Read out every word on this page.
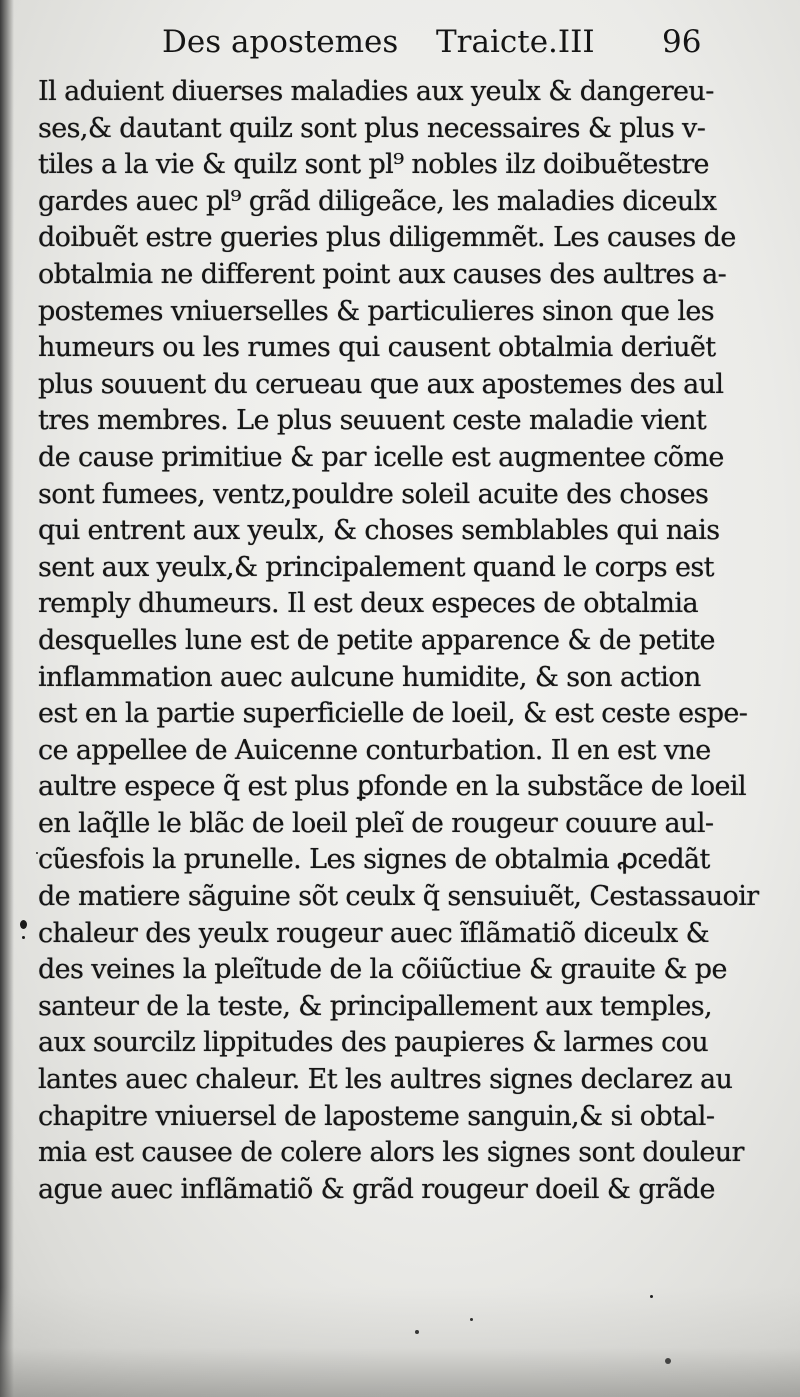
Des apostemes Traicte.III 96
Il aduient diuerses maladies aux yeulx & dangereu-
ses,& dautant quilz sont plus necessaires & plus v-
tiles a la vie & quilz sont pl⁹ nobles ilz doibuẽtestre
gardes auec pl⁹ grãd diligeãce, les maladies diceulx
doibuẽt estre gueries plus diligemmẽt. Les causes de
obtalmia ne different point aux causes des aultres a-
postemes vniuerselles & particulieres sinon que les
humeurs ou les rumes qui causent obtalmia deriuẽt
plus souuent du cerueau que aux apostemes des aul
tres membres. Le plus seuuent ceste maladie vient
de cause primitiue & par icelle est augmentee cõme
sont fumees, ventz,pouldre soleil acuite des choses
qui entrent aux yeulx, & choses semblables qui nais
sent aux yeulx,& principalement quand le corps est
remply dhumeurs. Il est deux especes de obtalmia
desquelles lune est de petite apparence & de petite
inflammation auec aulcune humidite, & son action
est en la partie superficielle de loeil, & est ceste espe-
ce appellee de Auicenne conturbation. Il en est vne
aultre espece q̃ est plus ꝑfonde en la substãce de loeil
en laq̃lle le blãc de loeil pleĩ de rougeur couure aul-
cũesfois la prunelle. Les signes de obtalmia ꝓcedãt
de matiere sãguine sõt ceulx q̃ sensuiuẽt, Cestassauoir
chaleur des yeulx rougeur auec ĩflãmatiõ diceulx &
des veines la pleĩtude de la cõiũctiue & grauite & pe
santeur de la teste, & principallement aux temples,
aux sourcilz lippitudes des paupieres & larmes cou
lantes auec chaleur. Et les aultres signes declarez au
chapitre vniuersel de laposteme sanguin,& si obtal-
mia est causee de colere alors les signes sont douleur
ague auec inflãmatiõ & grãd rougeur doeil & grãde
